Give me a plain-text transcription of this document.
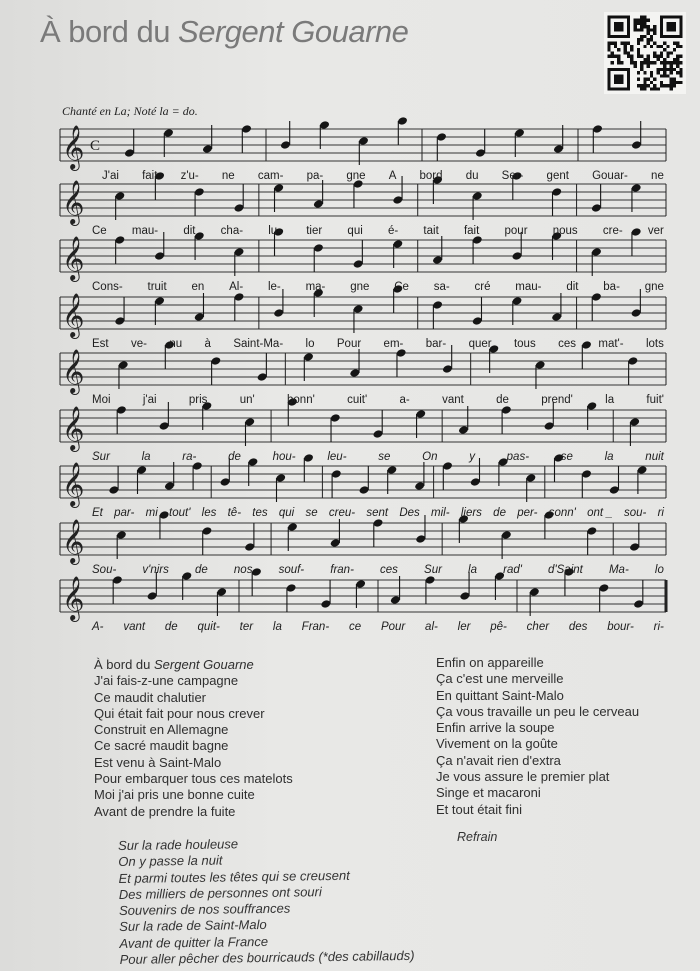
À bord du Sergent Gouarne
Chanté en La; Noté la = do.
𝄞 C
𝄞
𝄞
𝄞
𝄞
𝄞
𝄞
𝄞
𝄞
J'ai fait z'u- ne cam- pa- gne A bord du Ser- gent Gouar- ne
Ce mau- dit cha- lu- tier qui é- tait fait pour nous cre- ver
Cons- truit en Al- le- ma- gne Ce sa- cré mau- dit ba- gne
Est ve- nu à Saint-Ma- lo Pour em- bar- quer tous ces mat'- lots
Moi	j'ai	pris	un'	bonn'	cuit'	a-	vant	de	prend'	la	fuit'
Sur	la	ra-	de	hou-	leu-	se	On	y	pas-	se	la	nuit
Et par- mi tout' les tê- tes qui se creu- sent Des mil- liers de per- sonn' ont _ sou- ri
Sou- v'nirs de nos souf- fran- ces Sur la rad' d'Saint Ma- lo
A- vant de quit- ter la Fran- ce Pour al- ler pê- cher des bour- ri-
À bord du Sergent Gouarne
J'ai fais-z-une campagne
Ce maudit chalutier
Qui était fait pour nous crever
Construit en Allemagne
Ce sacré maudit bagne
Est venu à Saint-Malo
Pour embarquer tous ces matelots
Moi j'ai pris une bonne cuite
Avant de prendre la fuite
Enfin on appareille
Ça c'est une merveille
En quittant Saint-Malo
Ça vous travaille un peu le cerveau
Enfin arrive la soupe
Vivement on la goûte
Ça n'avait rien d'extra
Je vous assure le premier plat
Singe et macaroni
Et tout était fini
Refrain
Sur la rade houleuse
On y passe la nuit
Et parmi toutes les têtes qui se creusent
Des milliers de personnes ont souri
Souvenirs de nos souffrances
Sur la rade de Saint-Malo
Avant de quitter la France
Pour aller pêcher des bourricauds (*des cabillauds)
